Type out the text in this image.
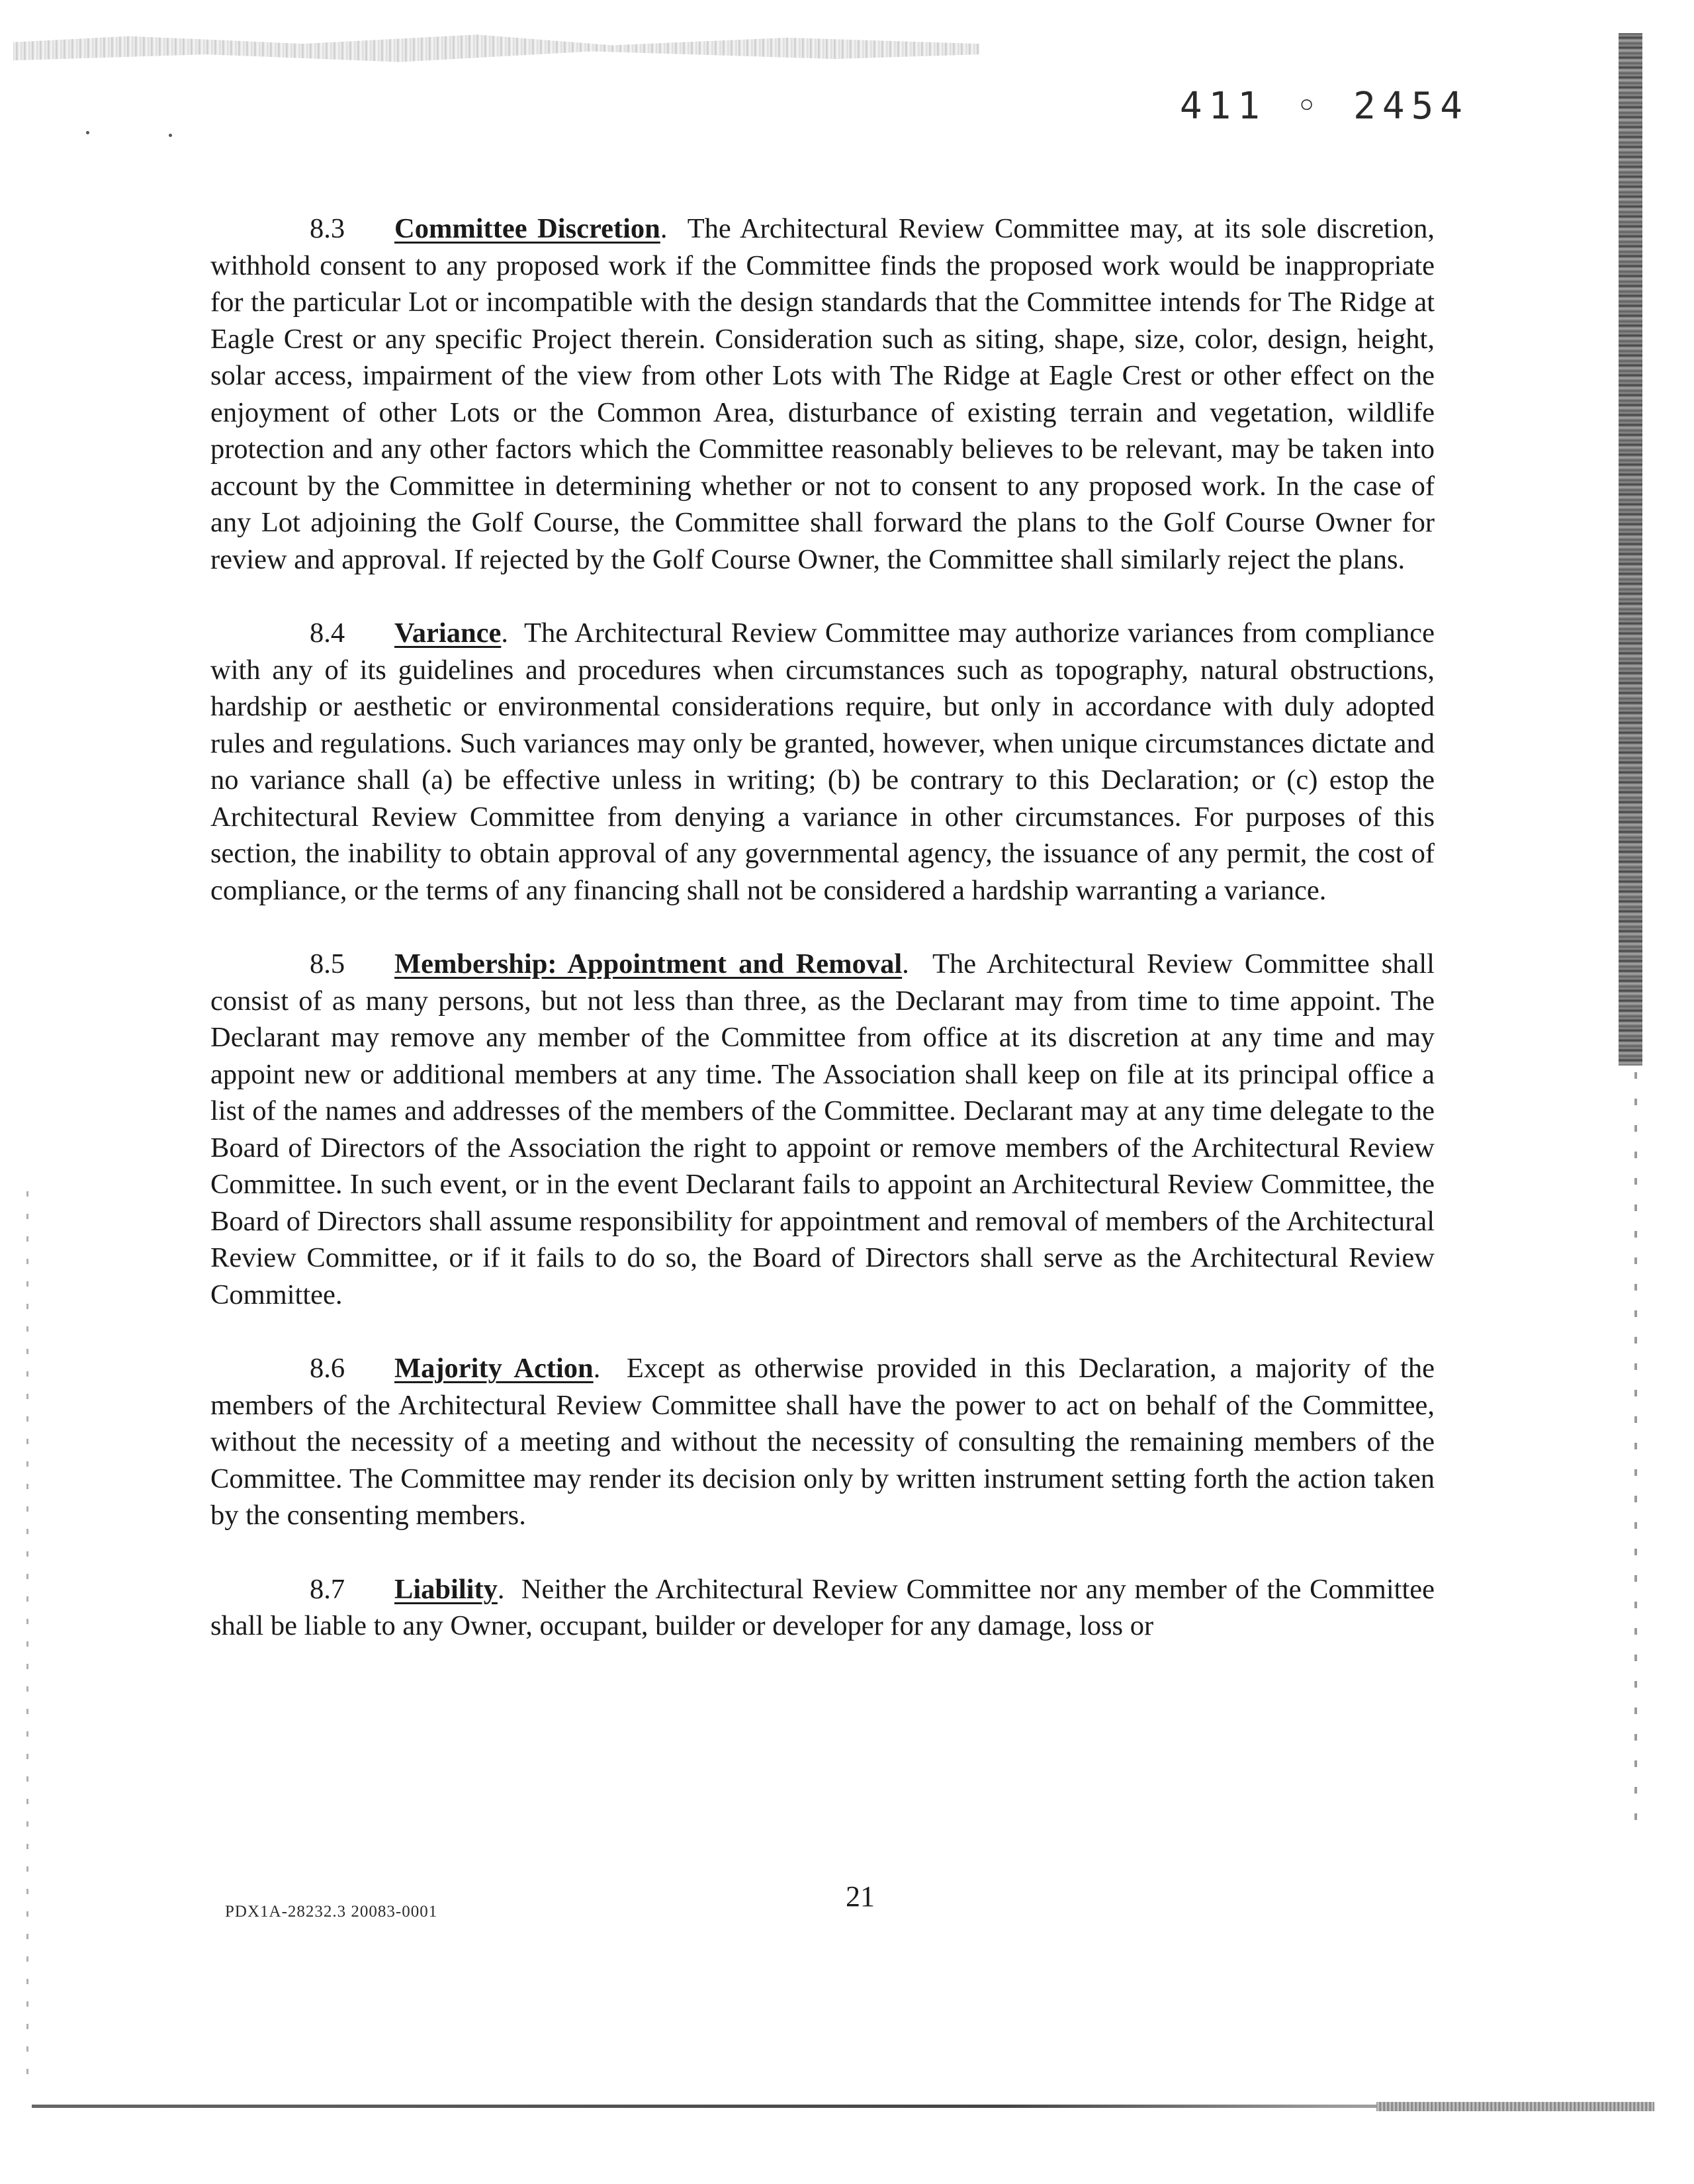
411 ◦ 2454

8.3 Committee Discretion.  The Architectural Review Committee may, at its sole discretion, withhold consent to any proposed work if the Committee finds the proposed work would be inappropriate for the particular Lot or incompatible with the design standards that the Committee intends for The Ridge at Eagle Crest or any specific Project therein. Consideration such as siting, shape, size, color, design, height, solar access, impairment of the view from other Lots with The Ridge at Eagle Crest or other effect on the enjoyment of other Lots or the Common Area, disturbance of existing terrain and vegetation, wildlife protection and any other factors which the Committee reasonably believes to be relevant, may be taken into account by the Committee in determining whether or not to consent to any proposed work. In the case of any Lot adjoining the Golf Course, the Committee shall forward the plans to the Golf Course Owner for review and approval. If rejected by the Golf Course Owner, the Committee shall similarly reject the plans.

8.4 Variance.  The Architectural Review Committee may authorize variances from compliance with any of its guidelines and procedures when circumstances such as topography, natural obstructions, hardship or aesthetic or environmental considerations require, but only in accordance with duly adopted rules and regulations. Such variances may only be granted, however, when unique circumstances dictate and no variance shall (a) be effective unless in writing; (b) be contrary to this Declaration; or (c) estop the Architectural Review Committee from denying a variance in other circumstances. For purposes of this section, the inability to obtain approval of any governmental agency, the issuance of any permit, the cost of compliance, or the terms of any financing shall not be considered a hardship warranting a variance.

8.5 Membership: Appointment and Removal.  The Architectural Review Committee shall consist of as many persons, but not less than three, as the Declarant may from time to time appoint. The Declarant may remove any member of the Committee from office at its discretion at any time and may appoint new or additional members at any time. The Association shall keep on file at its principal office a list of the names and addresses of the members of the Committee. Declarant may at any time delegate to the Board of Directors of the Association the right to appoint or remove members of the Architectural Review Committee. In such event, or in the event Declarant fails to appoint an Architectural Review Committee, the Board of Directors shall assume responsibility for appointment and removal of members of the Architectural Review Committee, or if it fails to do so, the Board of Directors shall serve as the Architectural Review Committee.

8.6 Majority Action.  Except as otherwise provided in this Declaration, a majority of the members of the Architectural Review Committee shall have the power to act on behalf of the Committee, without the necessity of a meeting and without the necessity of consulting the remaining members of the Committee. The Committee may render its decision only by written instrument setting forth the action taken by the consenting members.

8.7 Liability.  Neither the Architectural Review Committee nor any member of the Committee shall be liable to any Owner, occupant, builder or developer for any damage, loss or

PDX1A-28232.3 20083-0001	21
